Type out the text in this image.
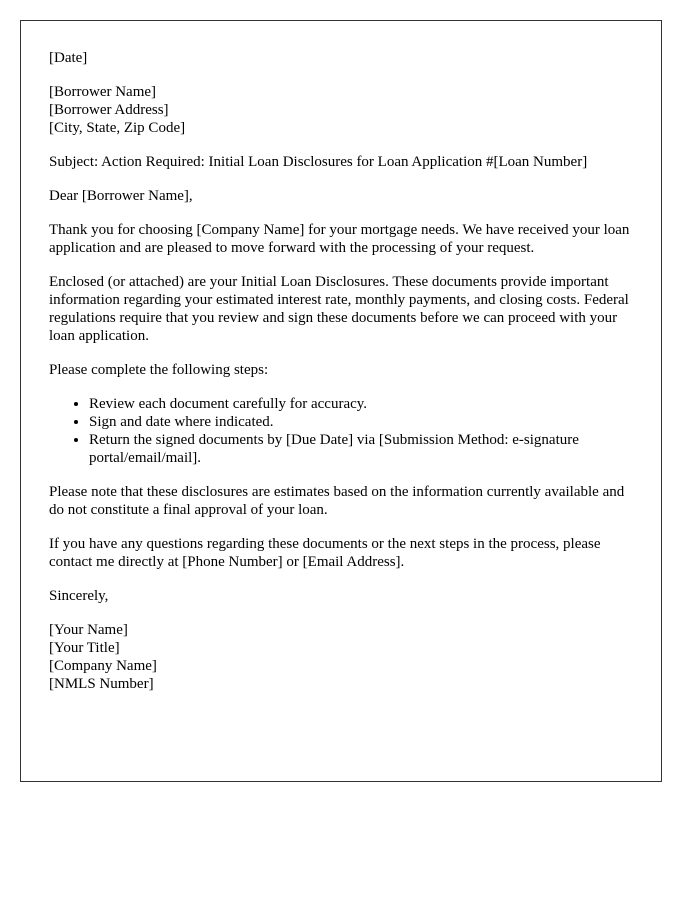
[Date]

[Borrower Name]
[Borrower Address]
[City, State, Zip Code]

Subject: Action Required: Initial Loan Disclosures for Loan Application #[Loan Number]

Dear [Borrower Name],

Thank you for choosing [Company Name] for your mortgage needs. We have received your loan application and are pleased to move forward with the processing of your request.

Enclosed (or attached) are your Initial Loan Disclosures. These documents provide important information regarding your estimated interest rate, monthly payments, and closing costs. Federal regulations require that you review and sign these documents before we can proceed with your loan application.

Please complete the following steps:

• Review each document carefully for accuracy.
• Sign and date where indicated.
• Return the signed documents by [Due Date] via [Submission Method: e-signature portal/email/mail].

Please note that these disclosures are estimates based on the information currently available and do not constitute a final approval of your loan.

If you have any questions regarding these documents or the next steps in the process, please contact me directly at [Phone Number] or [Email Address].

Sincerely,

[Your Name]
[Your Title]
[Company Name]
[NMLS Number]
